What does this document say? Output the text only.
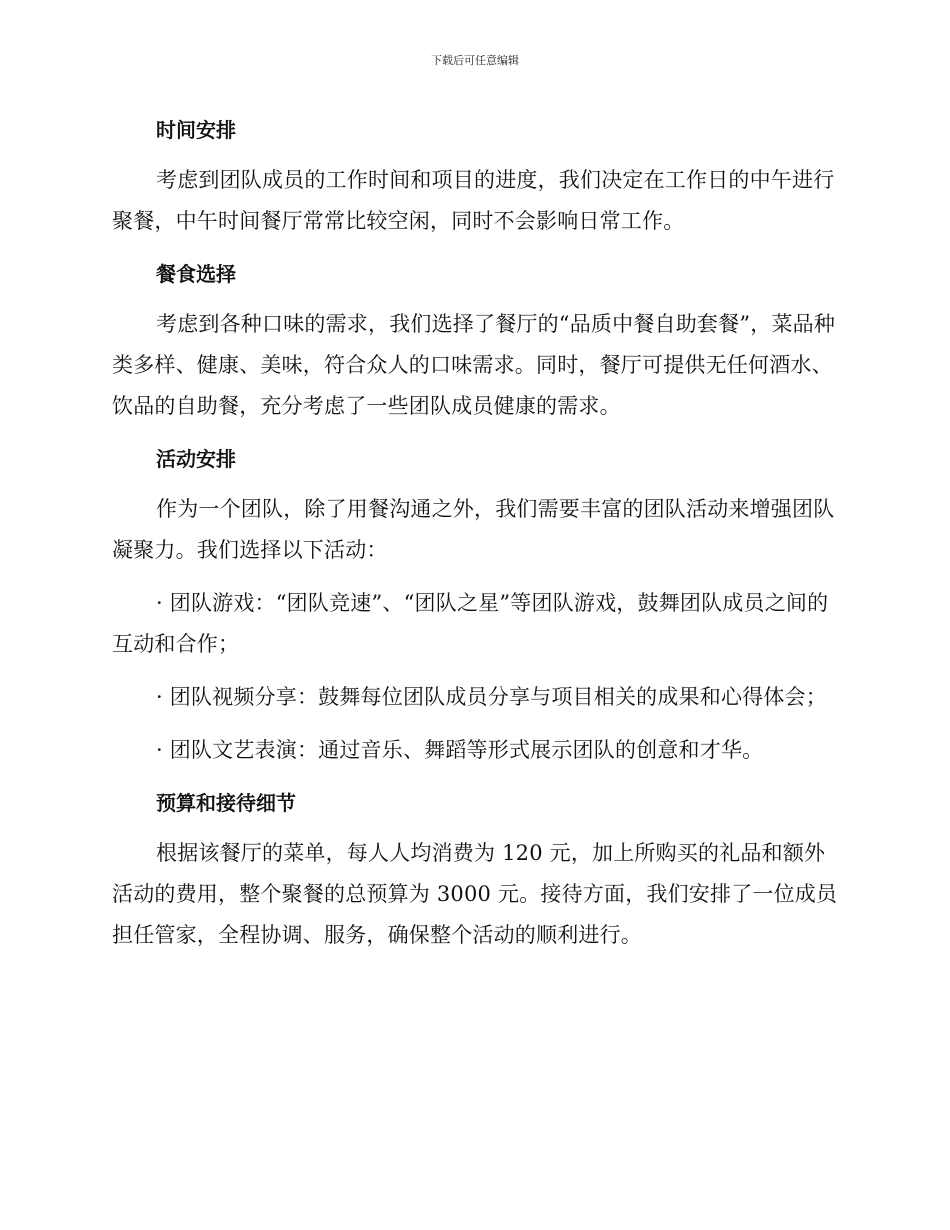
下载后可任意编辑
时间安排

考虑到团队成员的工作时间和项目的进度，我们决定在工作日的中午进行聚餐，中午时间餐厅常常比较空闲，同时不会影响日常工作。

餐食选择

考虑到各种口味的需求，我们选择了餐厅的“品质中餐自助套餐”，菜品种类多样、健康、美味，符合众人的口味需求。同时，餐厅可提供无任何酒水、饮品的自助餐，充分考虑了一些团队成员健康的需求。

活动安排

作为一个团队，除了用餐沟通之外，我们需要丰富的团队活动来增强团队凝聚力。我们选择以下活动：

· 团队游戏：“团队竞速”、“团队之星”等团队游戏，鼓舞团队成员之间的互动和合作；

· 团队视频分享：鼓舞每位团队成员分享与项目相关的成果和心得体会；

· 团队文艺表演：通过音乐、舞蹈等形式展示团队的创意和才华。

预算和接待细节

根据该餐厅的菜单，每人人均消费为 120 元，加上所购买的礼品和额外活动的费用，整个聚餐的总预算为 3000 元。接待方面，我们安排了一位成员担任管家，全程协调、服务，确保整个活动的顺利进行。
